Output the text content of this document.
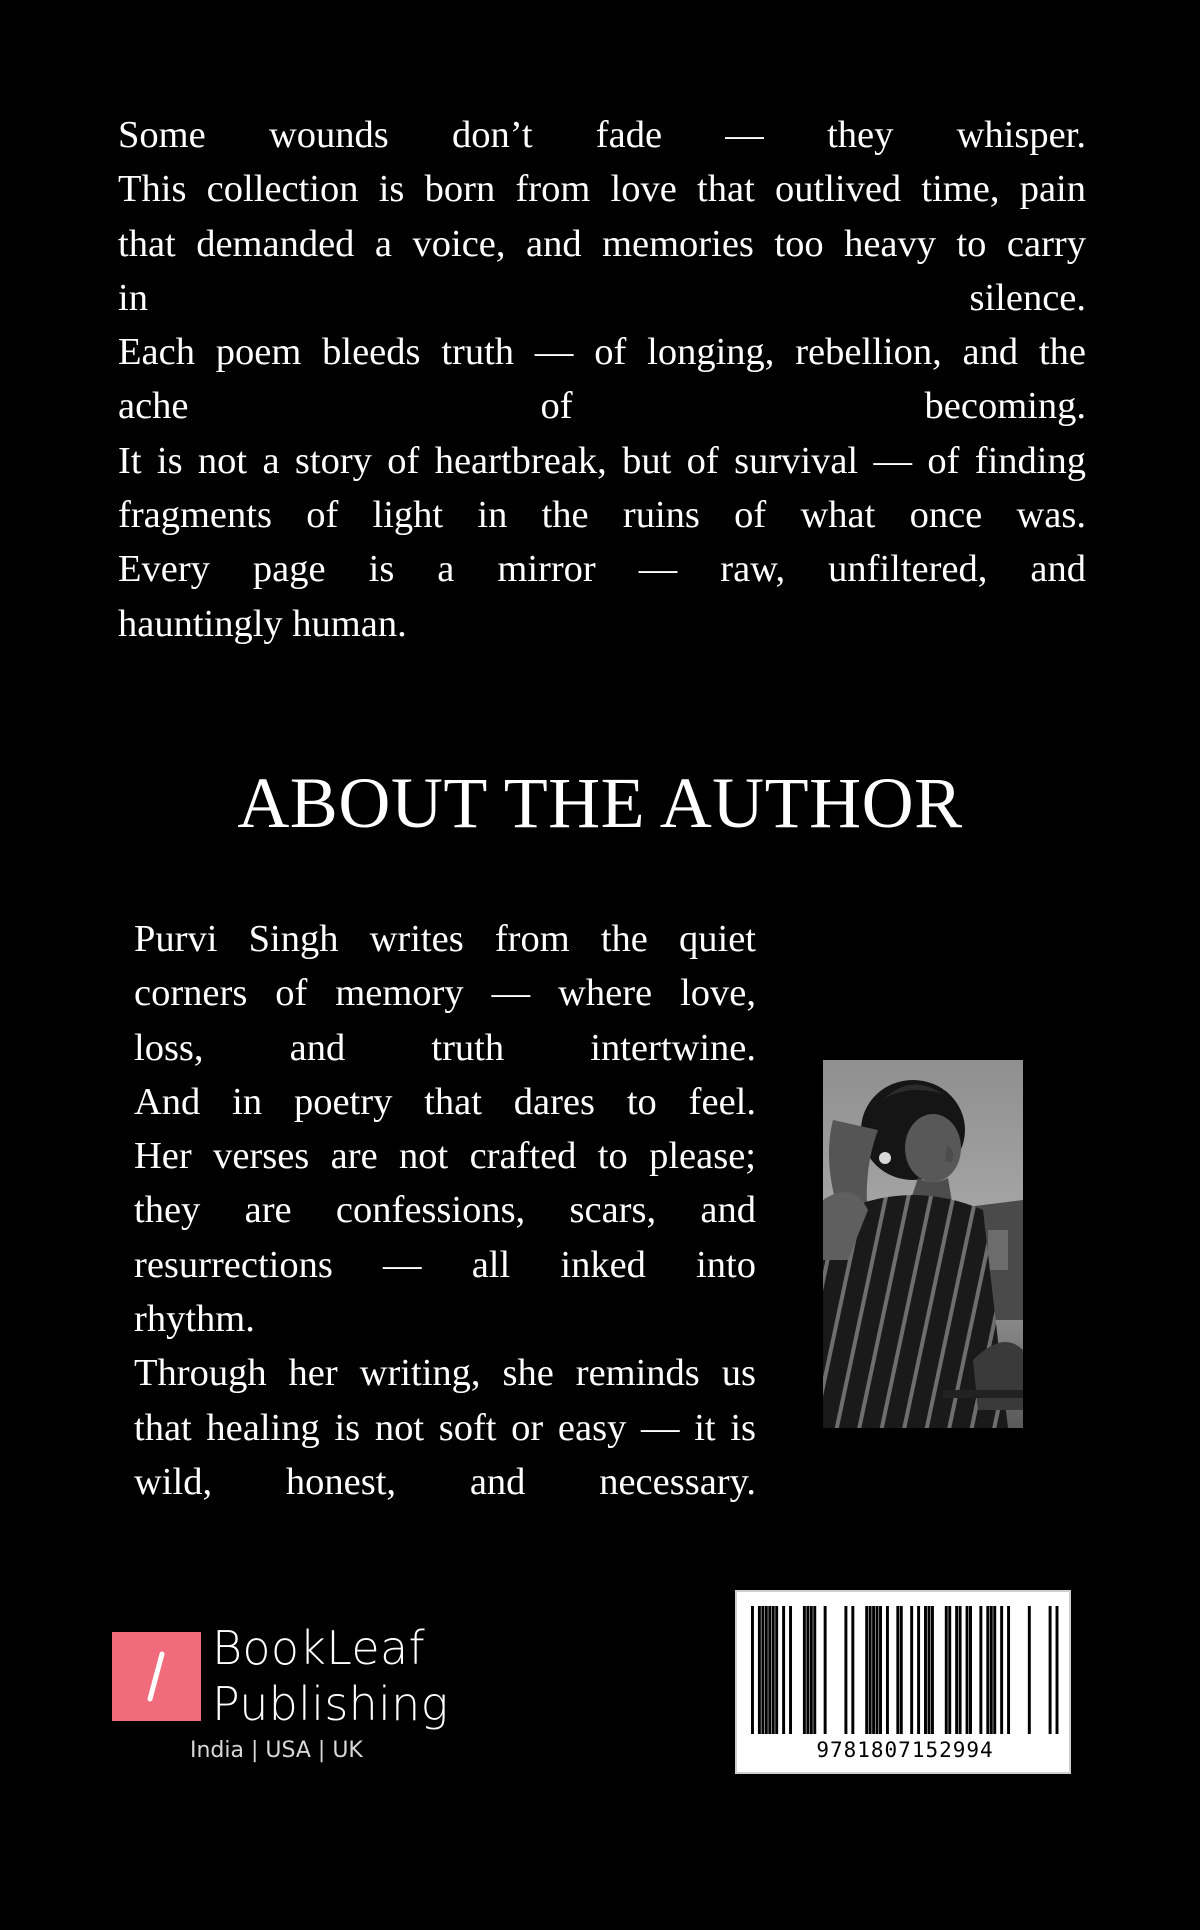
Some wounds don’t fade — they whisper.
This collection is born from love that outlived time, pain
that demanded a voice, and memories too heavy to carry
in silence.
Each poem bleeds truth — of longing, rebellion, and the
ache of becoming.
It is not a story of heartbreak, but of survival — of finding
fragments of light in the ruins of what once was.
Every page is a mirror — raw, unfiltered, and
hauntingly human.
ABOUT THE AUTHOR
Purvi Singh writes from the quiet
corners of memory — where love,
loss, and truth intertwine.
And in poetry that dares to feel.
Her verses are not crafted to please;
they are confessions, scars, and
resurrections — all inked into
rhythm.
Through her writing, she reminds us
that healing is not soft or easy — it is
wild, honest, and necessary.
BookLeaf
Publishing
India | USA | UK	9781807152994
